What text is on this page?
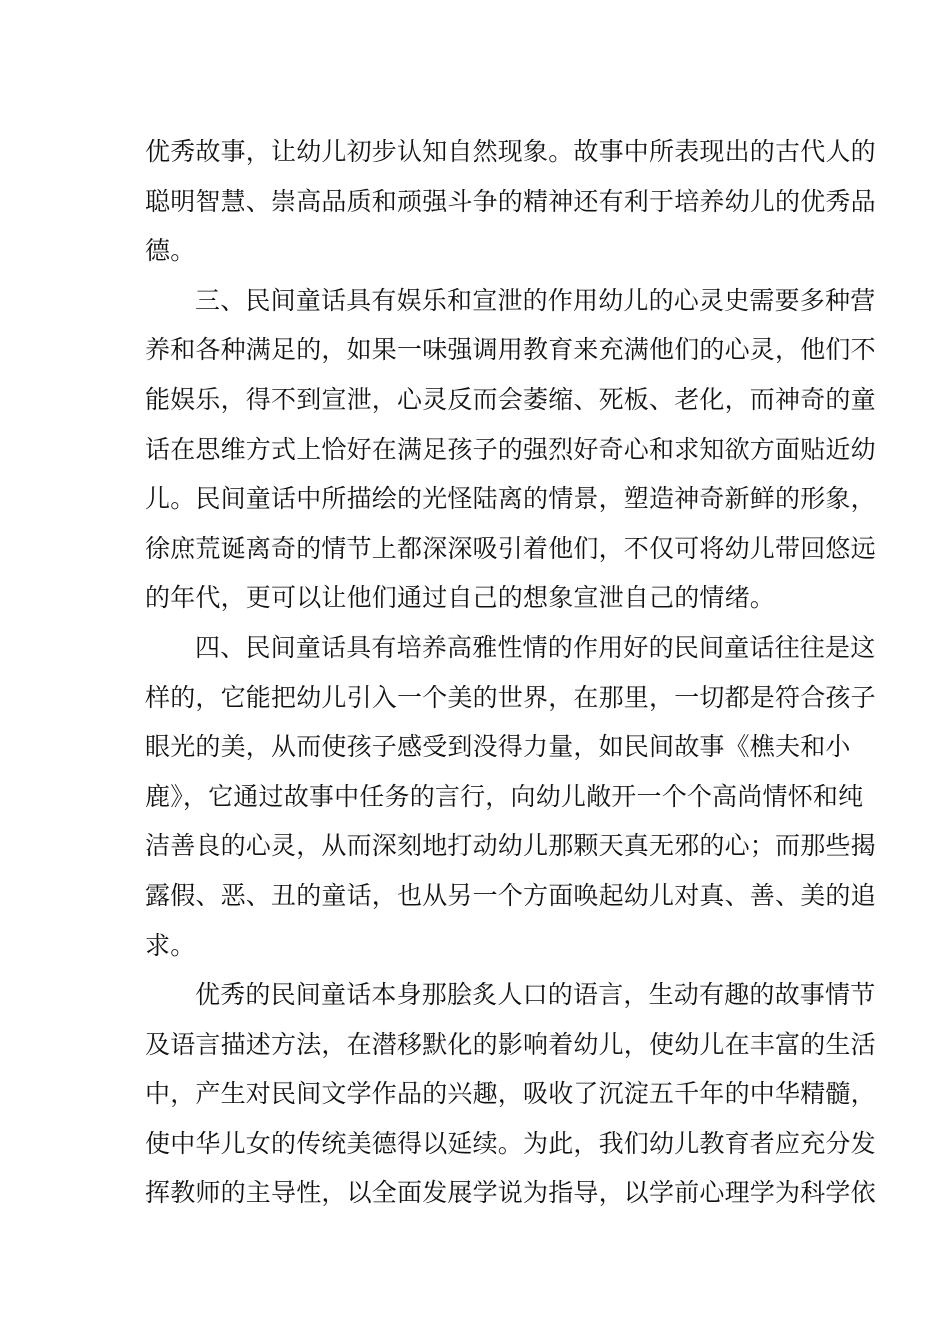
优秀故事，让幼儿初步认知自然现象。故事中所表现出的古代人的
聪明智慧、崇高品质和顽强斗争的精神还有利于培养幼儿的优秀品
德。

三、民间童话具有娱乐和宣泄的作用幼儿的心灵史需要多种营
养和各种满足的，如果一味强调用教育来充满他们的心灵，他们不
能娱乐，得不到宣泄，心灵反而会萎缩、死板、老化，而神奇的童
话在思维方式上恰好在满足孩子的强烈好奇心和求知欲方面贴近幼
儿。民间童话中所描绘的光怪陆离的情景，塑造神奇新鲜的形象，
徐庶荒诞离奇的情节上都深深吸引着他们，不仅可将幼儿带回悠远
的年代，更可以让他们通过自己的想象宣泄自己的情绪。

四、民间童话具有培养高雅性情的作用好的民间童话往往是这
样的，它能把幼儿引入一个美的世界，在那里，一切都是符合孩子
眼光的美，从而使孩子感受到没得力量，如民间故事《樵夫和小
鹿》，它通过故事中任务的言行，向幼儿敞开一个个高尚情怀和纯
洁善良的心灵，从而深刻地打动幼儿那颗天真无邪的心；而那些揭
露假、恶、丑的童话，也从另一个方面唤起幼儿对真、善、美的追
求。

优秀的民间童话本身那脍炙人口的语言，生动有趣的故事情节
及语言描述方法，在潜移默化的影响着幼儿，使幼儿在丰富的生活
中，产生对民间文学作品的兴趣，吸收了沉淀五千年的中华精髓，
使中华儿女的传统美德得以延续。为此，我们幼儿教育者应充分发
挥教师的主导性，以全面发展学说为指导，以学前心理学为科学依
